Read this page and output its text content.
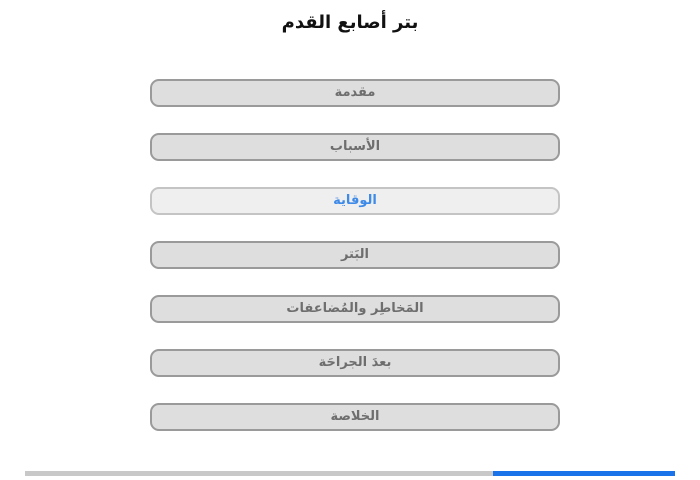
بتر أصابع القدم
مقدمة
الأسباب
الوقاية
البَتر
المَخاطِر والمُضاعفات
بعدَ الجراحَة
الخلاصة
